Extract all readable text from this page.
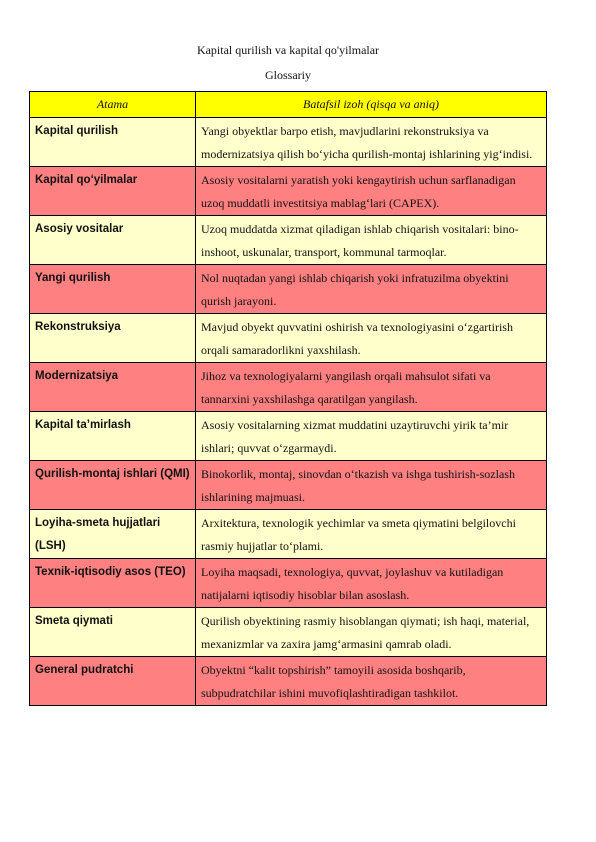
Kapital qurilish va kapital qo'yilmalar
Glossariy
Atama	Batafsil izoh (qisqa va aniq)
Kapital qurilish	Yangi obyektlar barpo etish, mavjudlarini rekonstruksiya va modernizatsiya qilish bo‘yicha qurilish-montaj ishlarining yig‘indisi.
Kapital qo‘yilmalar	Asosiy vositalarni yaratish yoki kengaytirish uchun sarflanadigan uzoq muddatli investitsiya mablag‘lari (CAPEX).
Asosiy vositalar	Uzoq muddatda xizmat qiladigan ishlab chiqarish vositalari: bino-inshoot, uskunalar, transport, kommunal tarmoqlar.
Yangi qurilish	Nol nuqtadan yangi ishlab chiqarish yoki infratuzilma obyektini qurish jarayoni.
Rekonstruksiya	Mavjud obyekt quvvatini oshirish va texnologiyasini o‘zgartirish orqali samaradorlikni yaxshilash.
Modernizatsiya	Jihoz va texnologiyalarni yangilash orqali mahsulot sifati va tannarxini yaxshilashga qaratilgan yangilash.
Kapital ta’mirlash	Asosiy vositalarning xizmat muddatini uzaytiruvchi yirik ta’mir ishlari; quvvat o‘zgarmaydi.
Qurilish-montaj ishlari (QMI)	Binokorlik, montaj, sinovdan o‘tkazish va ishga tushirish-sozlash ishlarining majmuasi.
Loyiha-smeta hujjatlari (LSH)	Arxitektura, texnologik yechimlar va smeta qiymatini belgilovchi rasmiy hujjatlar to‘plami.
Texnik-iqtisodiy asos (TEO)	Loyiha maqsadi, texnologiya, quvvat, joylashuv va kutiladigan natijalarni iqtisodiy hisoblar bilan asoslash.
Smeta qiymati	Qurilish obyektining rasmiy hisoblangan qiymati; ish haqi, material, mexanizmlar va zaxira jamg‘armasini qamrab oladi.
General pudratchi	Obyektni “kalit topshirish” tamoyili asosida boshqarib, subpudratchilar ishini muvofiqlashtiradigan tashkilot.
